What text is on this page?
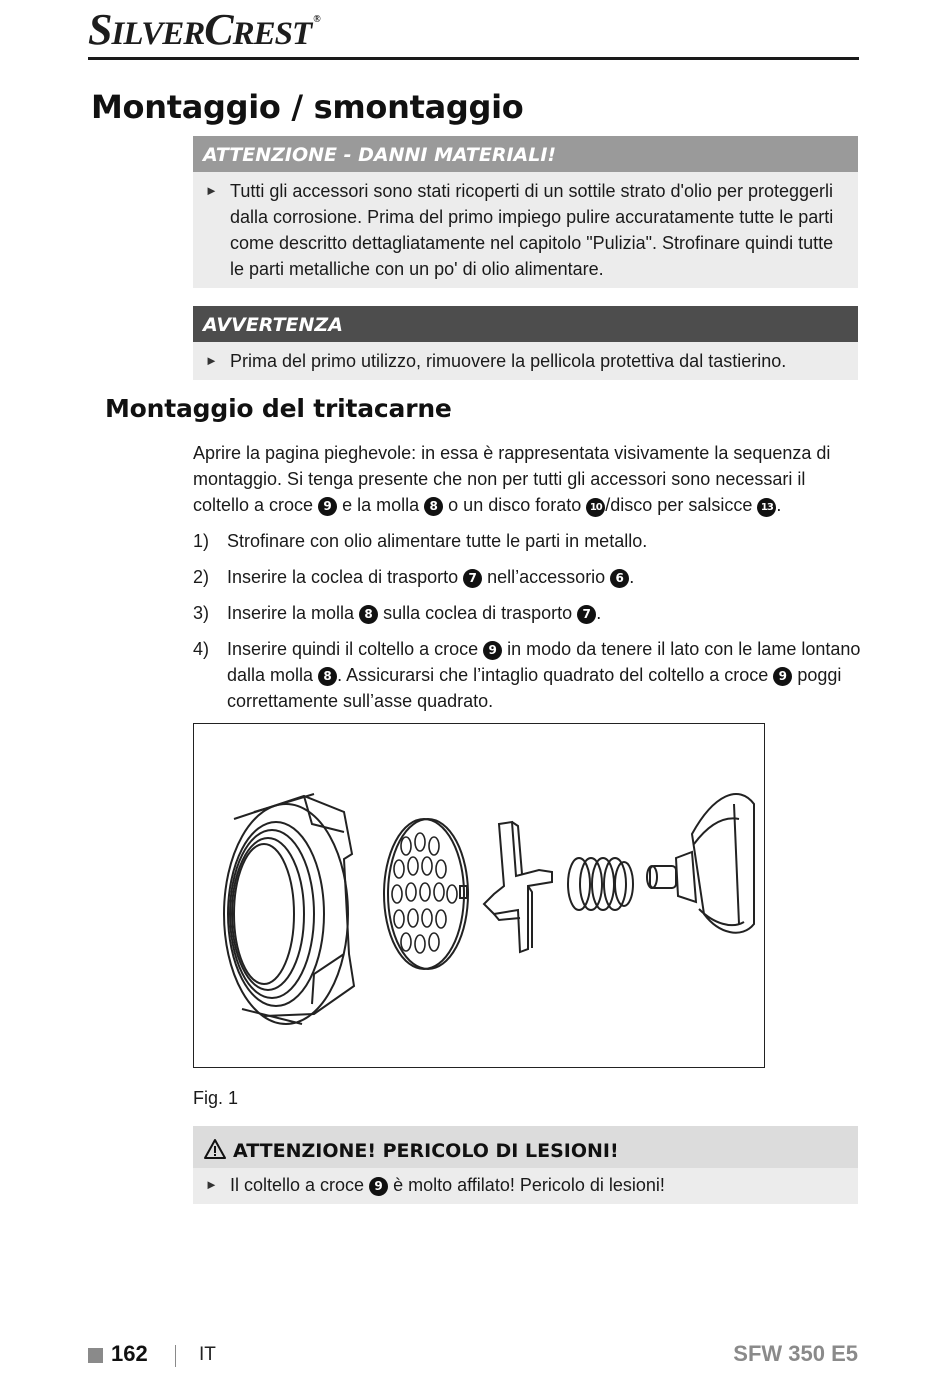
SILVERCREST ®
Montaggio / smontaggio
ATTENZIONE - DANNI MATERIALI!
► Tutti gli accessori sono stati ricoperti di un sottile strato d'olio per proteggerli dalla corrosione. Prima del primo impiego pulire accuratamente tutte le parti come descritto dettagliatamente nel capitolo "Pulizia". Strofinare quindi tutte le parti metalliche con un po' di olio alimentare.
AVVERTENZA
► Prima del primo utilizzo, rimuovere la pellicola protettiva dal tastierino.
Montaggio del tritacarne
Aprire la pagina pieghevole: in essa è rappresentata visivamente la sequenza di montaggio. Si tenga presente che non per tutti gli accessori sono necessari il coltello a croce 9 e la molla 8 o un disco forato 10 /disco per salsicce 13 .
1) Strofinare con olio alimentare tutte le parti in metallo.
2) Inserire la coclea di trasporto 7 nell’accessorio 6 .
3) Inserire la molla 8 sulla coclea di trasporto 7 .
4) Inserire quindi il coltello a croce 9 in modo da tenere il lato con le lame lontano dalla molla 8 . Assicurarsi che l’intaglio quadrato del coltello a croce 9 poggi correttamente sull’asse quadrato.
Fig. 1
ATTENZIONE! PERICOLO DI LESIONI!
► Il coltello a croce 9 è molto affilato! Pericolo di lesioni!
162	IT	SFW 350 E5
